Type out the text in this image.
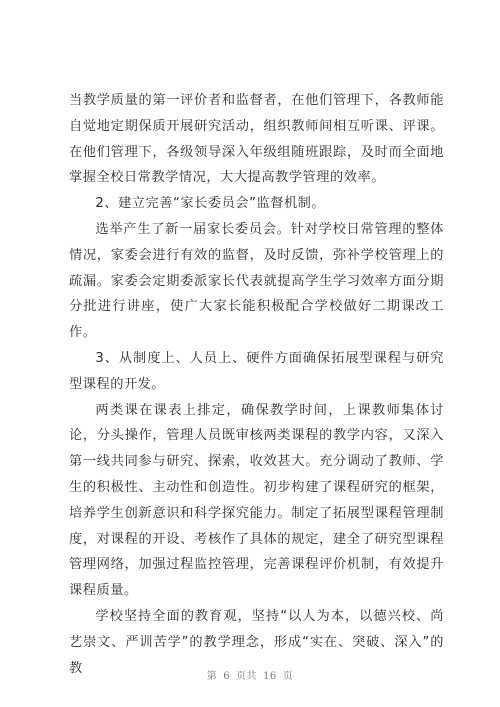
当教学质量的第一评价者和监督者，在他们管理下，各教师能自觉地定期保质开展研究活动，组织教师间相互听课、评课。在他们管理下，各级领导深入年级组随班跟踪，及时而全面地掌握全校日常教学情况，大大提高教学管理的效率。

2、建立完善“家长委员会”监督机制。

选举产生了新一届家长委员会。针对学校日常管理的整体情况，家委会进行有效的监督，及时反馈，弥补学校管理上的疏漏。家委会定期委派家长代表就提高学生学习效率方面分期分批进行讲座，使广大家长能积极配合学校做好二期课改工作。

3、从制度上、人员上、硬件方面确保拓展型课程与研究型课程的开发。

两类课在课表上排定，确保教学时间，上课教师集体讨论，分头操作，管理人员既审核两类课程的教学内容，又深入第一线共同参与研究、探索，收效甚大。充分调动了教师、学生的积极性、主动性和创造性。初步构建了课程研究的框架，培养学生创新意识和科学探究能力。制定了拓展型课程管理制度，对课程的开设、考核作了具体的规定，建全了研究型课程管理网络，加强过程监控管理，完善课程评价机制，有效提升课程质量。

学校坚持全面的教育观，坚持“以人为本，以德兴校、尚艺崇文、严训苦学”的教学理念，形成“实在、突破、深入”的教

第 6 页共 16 页
